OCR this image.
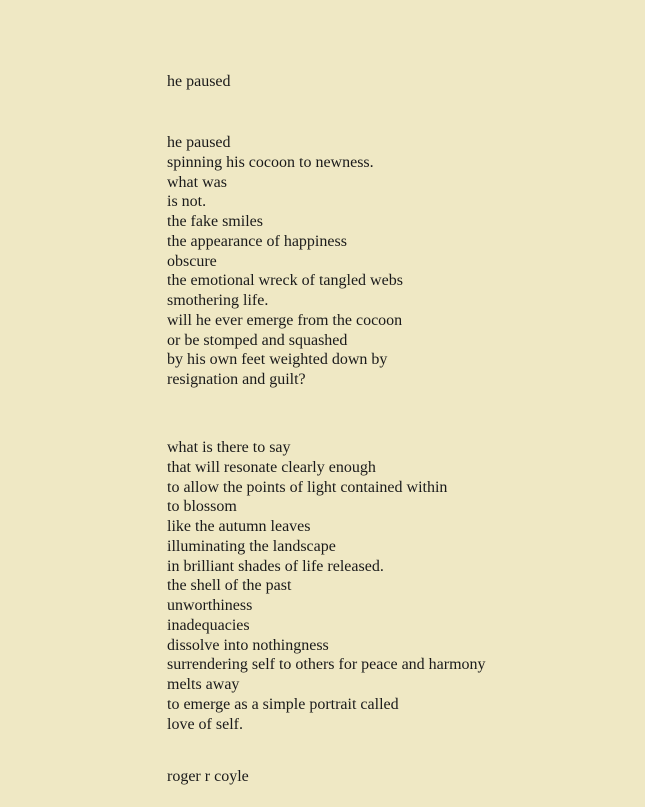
he paused
he paused
spinning his cocoon to newness.
what was
is not.
the fake smiles
the appearance of happiness
obscure
the emotional wreck of tangled webs
smothering life.
will he ever emerge from the cocoon
or be stomped and squashed
by his own feet weighted down by
resignation and guilt?
what is there to say
that will resonate clearly enough
to allow the points of light contained within
to blossom
like the autumn leaves
illuminating the landscape
in brilliant shades of life released.
the shell of the past
unworthiness
inadequacies
dissolve into nothingness
surrendering self to others for peace and harmony
melts away
to emerge as a simple portrait called
love of self.

roger r coyle
